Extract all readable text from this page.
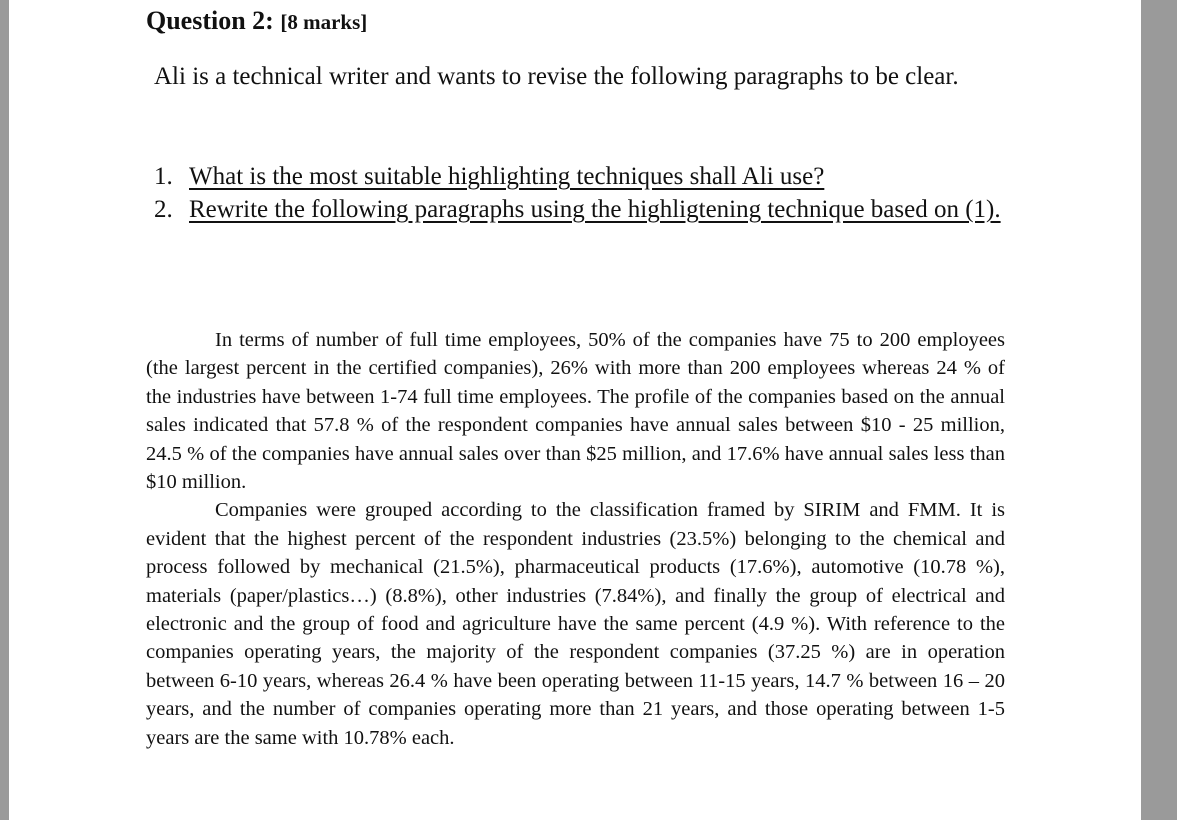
Question 2: [8 marks]

Ali is a technical writer and wants to revise the following paragraphs to be clear.

1. What is the most suitable highlighting techniques shall Ali use?
2. Rewrite the following paragraphs using the highligtening technique based on (1).

In terms of number of full time employees, 50% of the companies have 75 to 200 employees (the largest percent in the certified companies), 26% with more than 200 employees whereas 24 % of the industries have between 1-74 full time employees. The profile of the companies based on the annual sales indicated that 57.8 % of the respondent companies have annual sales between $10 - 25 million, 24.5 % of the companies have annual sales over than $25 million, and 17.6% have annual sales less than $10 million.

Companies were grouped according to the classification framed by SIRIM and FMM. It is evident that the highest percent of the respondent industries (23.5%) belonging to the chemical and process followed by mechanical (21.5%), pharmaceutical products (17.6%), automotive (10.78 %), materials (paper/plastics…) (8.8%), other industries (7.84%), and finally the group of electrical and electronic and the group of food and agriculture have the same percent (4.9 %). With reference to the companies operating years, the majority of the respondent companies (37.25 %) are in operation between 6-10 years, whereas 26.4 % have been operating between 11-15 years, 14.7 % between 16 – 20 years, and the number of companies operating more than 21 years, and those operating between 1-5 years are the same with 10.78% each.
